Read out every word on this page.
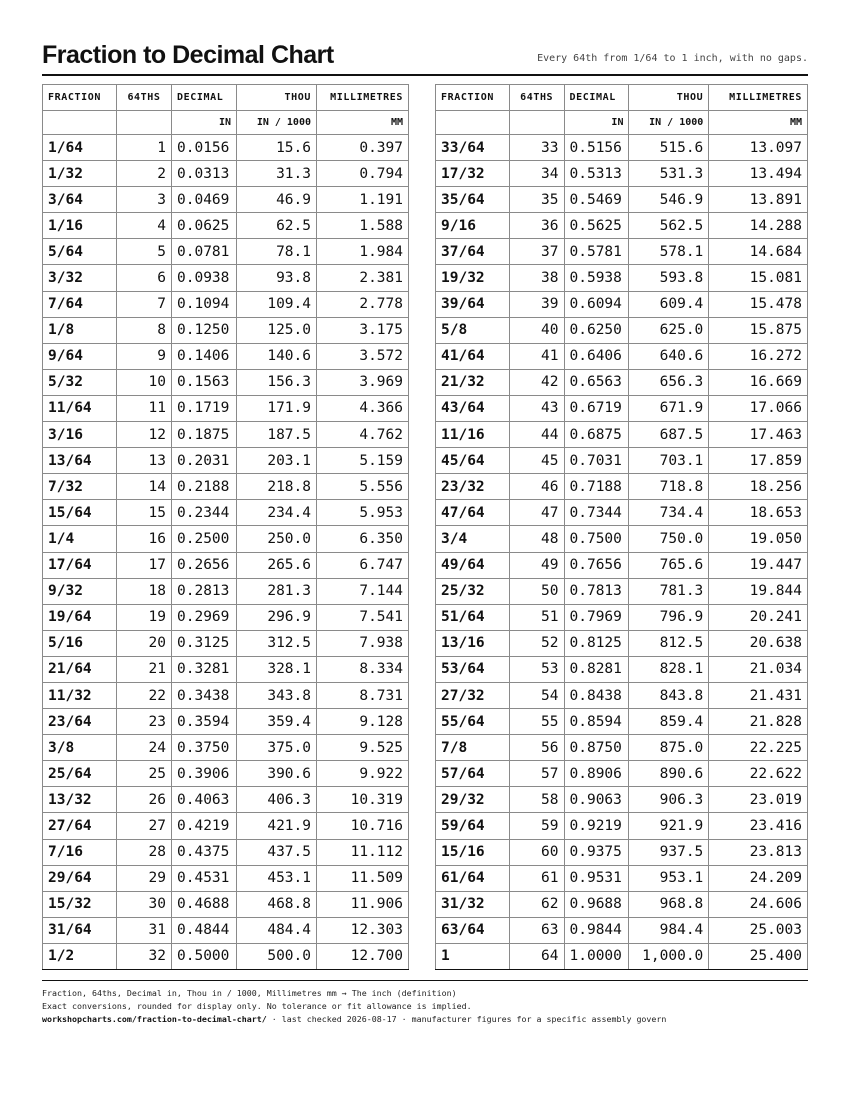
Fraction to Decimal Chart	Every 64th from 1/64 to 1 inch, with no gaps.
FRACTION	64THS	DECIMAL	THOU	MILLIMETRES
		IN	IN / 1000	MM
1/64	1	0.0156	15.6	0.397
1/32	2	0.0313	31.3	0.794
3/64	3	0.0469	46.9	1.191
1/16	4	0.0625	62.5	1.588
5/64	5	0.0781	78.1	1.984
3/32	6	0.0938	93.8	2.381
7/64	7	0.1094	109.4	2.778
1/8	8	0.1250	125.0	3.175
9/64	9	0.1406	140.6	3.572
5/32	10	0.1563	156.3	3.969
11/64	11	0.1719	171.9	4.366
3/16	12	0.1875	187.5	4.762
13/64	13	0.2031	203.1	5.159
7/32	14	0.2188	218.8	5.556
15/64	15	0.2344	234.4	5.953
1/4	16	0.2500	250.0	6.350
17/64	17	0.2656	265.6	6.747
9/32	18	0.2813	281.3	7.144
19/64	19	0.2969	296.9	7.541
5/16	20	0.3125	312.5	7.938
21/64	21	0.3281	328.1	8.334
11/32	22	0.3438	343.8	8.731
23/64	23	0.3594	359.4	9.128
3/8	24	0.3750	375.0	9.525
25/64	25	0.3906	390.6	9.922
13/32	26	0.4063	406.3	10.319
27/64	27	0.4219	421.9	10.716
7/16	28	0.4375	437.5	11.112
29/64	29	0.4531	453.1	11.509
15/32	30	0.4688	468.8	11.906
31/64	31	0.4844	484.4	12.303
1/2	32	0.5000	500.0	12.700
FRACTION	64THS	DECIMAL	THOU	MILLIMETRES
		IN	IN / 1000	MM
33/64	33	0.5156	515.6	13.097
17/32	34	0.5313	531.3	13.494
35/64	35	0.5469	546.9	13.891
9/16	36	0.5625	562.5	14.288
37/64	37	0.5781	578.1	14.684
19/32	38	0.5938	593.8	15.081
39/64	39	0.6094	609.4	15.478
5/8	40	0.6250	625.0	15.875
41/64	41	0.6406	640.6	16.272
21/32	42	0.6563	656.3	16.669
43/64	43	0.6719	671.9	17.066
11/16	44	0.6875	687.5	17.463
45/64	45	0.7031	703.1	17.859
23/32	46	0.7188	718.8	18.256
47/64	47	0.7344	734.4	18.653
3/4	48	0.7500	750.0	19.050
49/64	49	0.7656	765.6	19.447
25/32	50	0.7813	781.3	19.844
51/64	51	0.7969	796.9	20.241
13/16	52	0.8125	812.5	20.638
53/64	53	0.8281	828.1	21.034
27/32	54	0.8438	843.8	21.431
55/64	55	0.8594	859.4	21.828
7/8	56	0.8750	875.0	22.225
57/64	57	0.8906	890.6	22.622
29/32	58	0.9063	906.3	23.019
59/64	59	0.9219	921.9	23.416
15/16	60	0.9375	937.5	23.813
61/64	61	0.9531	953.1	24.209
31/32	62	0.9688	968.8	24.606
63/64	63	0.9844	984.4	25.003
1	64	1.0000	1,000.0	25.400
Fraction, 64ths, Decimal in, Thou in / 1000, Millimetres mm → The inch (definition)
Exact conversions, rounded for display only. No tolerance or fit allowance is implied.
workshopcharts.com/fraction-to-decimal-chart/ · last checked 2026-08-17 · manufacturer figures for a specific assembly govern
